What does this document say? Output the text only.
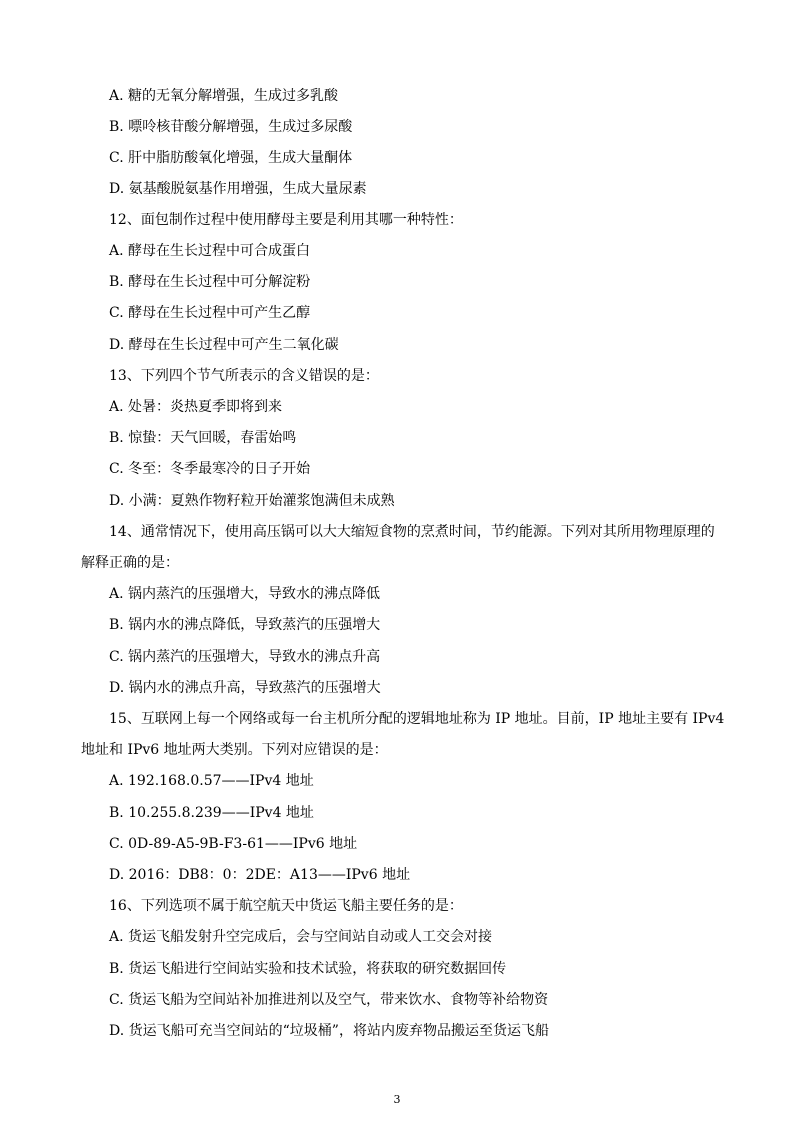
A. 糖的无氧分解增强，生成过多乳酸
B. 嘌呤核苷酸分解增强，生成过多尿酸
C. 肝中脂肪酸氧化增强，生成大量酮体
D. 氨基酸脱氨基作用增强，生成大量尿素
12、面包制作过程中使用酵母主要是利用其哪一种特性：
A. 酵母在生长过程中可合成蛋白
B. 酵母在生长过程中可分解淀粉
C. 酵母在生长过程中可产生乙醇
D. 酵母在生长过程中可产生二氧化碳
13、下列四个节气所表示的含义错误的是：
A. 处暑：炎热夏季即将到来
B. 惊蛰：天气回暖，春雷始鸣
C. 冬至：冬季最寒冷的日子开始
D. 小满：夏熟作物籽粒开始灌浆饱满但未成熟
14、通常情况下，使用高压锅可以大大缩短食物的烹煮时间，节约能源。下列对其所用物理原理的
解释正确的是：
A. 锅内蒸汽的压强增大，导致水的沸点降低
B. 锅内水的沸点降低，导致蒸汽的压强增大
C. 锅内蒸汽的压强增大，导致水的沸点升高
D. 锅内水的沸点升高，导致蒸汽的压强增大
15、互联网上每一个网络或每一台主机所分配的逻辑地址称为 IP 地址。目前，IP 地址主要有 IPv4
地址和 IPv6 地址两大类别。下列对应错误的是：
A. 192.168.0.57——IPv4 地址
B. 10.255.8.239——IPv4 地址
C. 0D-89-A5-9B-F3-61——IPv6 地址
D. 2016：DB8：0：2DE：A13——IPv6 地址
16、下列选项不属于航空航天中货运飞船主要任务的是：
A. 货运飞船发射升空完成后，会与空间站自动或人工交会对接
B. 货运飞船进行空间站实验和技术试验，将获取的研究数据回传
C. 货运飞船为空间站补加推进剂以及空气，带来饮水、食物等补给物资
D. 货运飞船可充当空间站的“垃圾桶”，将站内废弃物品搬运至货运飞船
3
